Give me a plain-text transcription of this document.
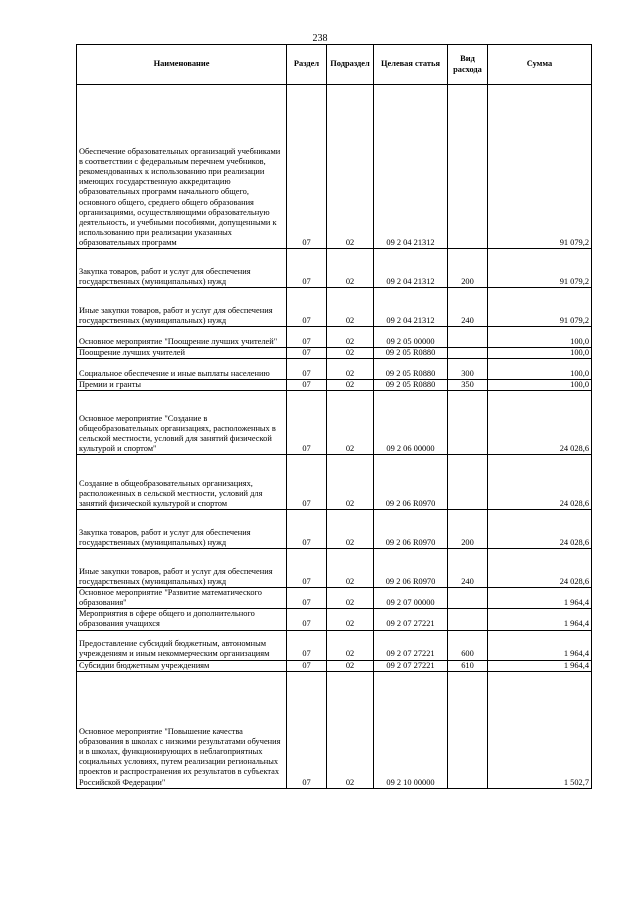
238
Наименование	Раздел	Подраздел	Целевая статья	Вид расхода	Сумма
Обеспечение образовательных организаций учебниками в соответствии с федеральным перечнем учебников, рекомендованных к использованию при реализации имеющих государственную аккредитацию образовательных программ начального общего, основного общего, среднего общего образования организациями, осуществляющими образовательную деятельность, и учебными пособиями, допущенными к использованию при реализации указанных образовательных программ	07	02	09 2 04 21312		91 079,2
Закупка товаров, работ и услуг для обеспечения государственных (муниципальных) нужд	07	02	09 2 04 21312	200	91 079,2
Иные закупки товаров, работ и услуг для обеспечения государственных (муниципальных) нужд	07	02	09 2 04 21312	240	91 079,2
Основное мероприятие "Поощрение лучших учителей"	07	02	09 2 05 00000		100,0
Поощрение лучших учителей	07	02	09 2 05 R0880		100,0
Социальное обеспечение и иные выплаты населению	07	02	09 2 05 R0880	300	100,0
Премии и гранты	07	02	09 2 05 R0880	350	100,0
Основное мероприятие "Создание в общеобразовательных организациях, расположенных в сельской местности, условий для занятий физической культурой и спортом"	07	02	09 2 06 00000		24 028,6
Создание в общеобразовательных организациях, расположенных в сельской местности, условий для занятий физической культурой и спортом	07	02	09 2 06 R0970		24 028,6
Закупка товаров, работ и услуг для обеспечения государственных (муниципальных) нужд	07	02	09 2 06 R0970	200	24 028,6
Иные закупки товаров, работ и услуг для обеспечения государственных (муниципальных) нужд	07	02	09 2 06 R0970	240	24 028,6
Основное мероприятие "Развитие математического образования"	07	02	09 2 07 00000		1 964,4
Мероприятия в сфере общего и дополнительного образования учащихся	07	02	09 2 07 27221		1 964,4
Предоставление субсидий бюджетным, автономным учреждениям и иным некоммерческим организациям	07	02	09 2 07 27221	600	1 964,4
Субсидии бюджетным учреждениям	07	02	09 2 07 27221	610	1 964,4
Основное мероприятие "Повышение качества образования в школах с низкими результатами обучения и в школах, функционирующих в неблагоприятных социальных условиях, путем реализации региональных проектов и распространения их результатов в субъектах Российской Федерации"	07	02	09 2 10 00000		1 502,7
